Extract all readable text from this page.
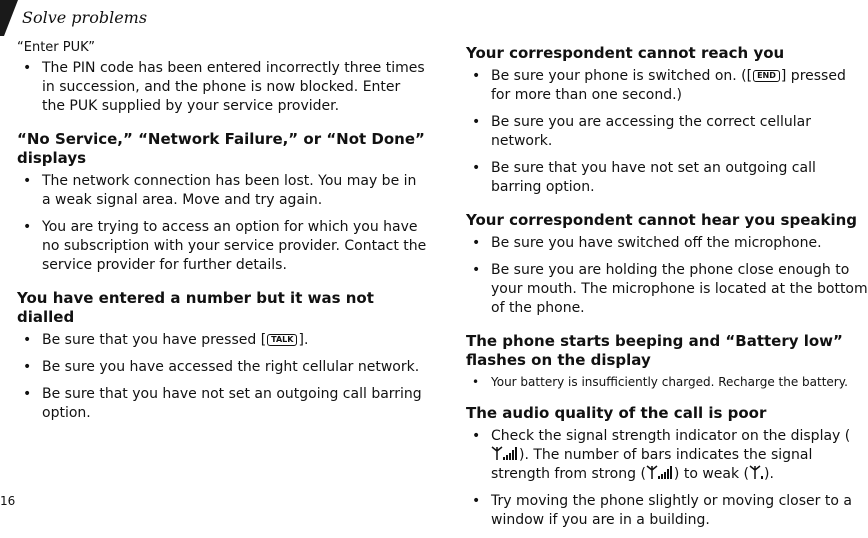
Solve problems
“Enter PUK”
• The PIN code has been entered incorrectly three times in succession, and the phone is now blocked. Enter the PUK supplied by your service provider.
“No Service,” “Network Failure,” or “Not Done” displays
• The network connection has been lost. You may be in a weak signal area. Move and try again.
• You are trying to access an option for which you have no subscription with your service provider. Contact the service provider for further details.
You have entered a number but it was not dialled
• Be sure that you have pressed [ TALK ].
• Be sure you have accessed the right cellular network.
• Be sure that you have not set an outgoing call barring option.
Your correspondent cannot reach you
• Be sure your phone is switched on. ([ END ] pressed for more than one second.)
• Be sure you are accessing the correct cellular network.
• Be sure that you have not set an outgoing call barring option.
Your correspondent cannot hear you speaking
• Be sure you have switched off the microphone.
• Be sure you are holding the phone close enough to your mouth. The microphone is located at the bottom of the phone.
The phone starts beeping and “Battery low” flashes on the display
• Your battery is insufficiently charged. Recharge the battery.
The audio quality of the call is poor
• Check the signal strength indicator on the display (). The number of bars indicates the signal strength from strong ( ) to weak ( ).
• Try moving the phone slightly or moving closer to a window if you are in a building.
16
